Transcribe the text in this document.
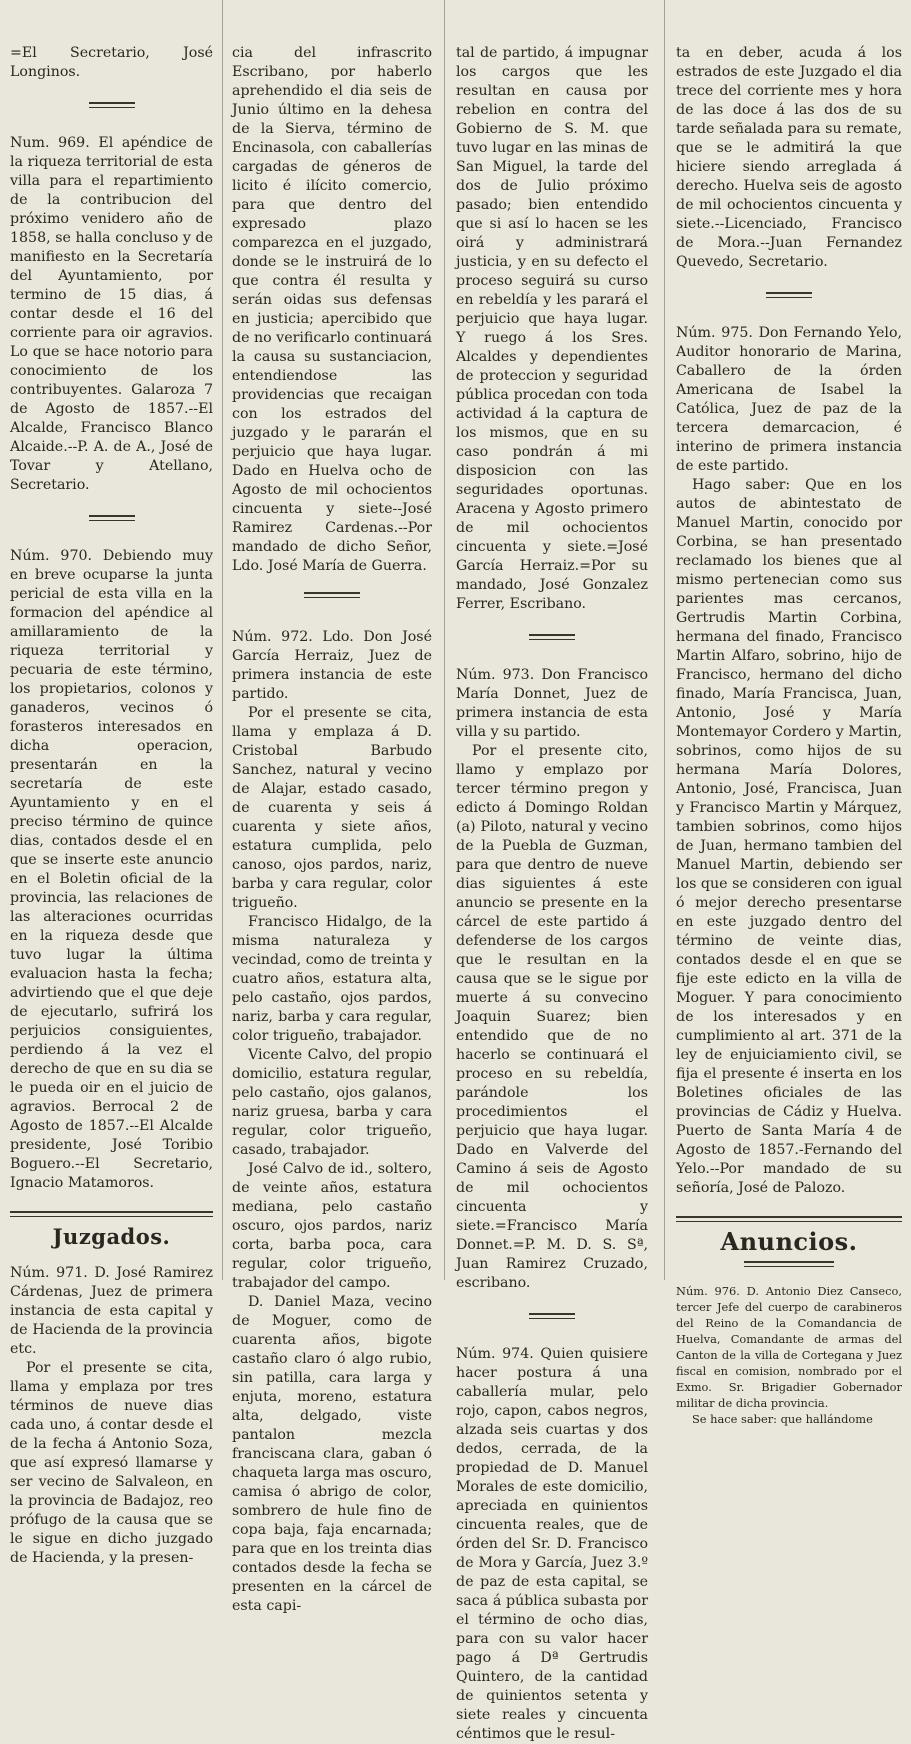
=El Secretario, José Longinos.

Num. 969. El apéndice de la riqueza territorial de esta villa para el repartimiento de la contribucion del próximo venidero año de 1858, se halla concluso y de manifiesto en la Secretaría del Ayuntamiento, por termino de 15 dias, á contar desde el 16 del corriente para oir agravios. Lo que se hace notorio para conocimiento de los contribuyentes. Galaroza 7 de Agosto de 1857.--El Alcalde, Francisco Blanco Alcaide.--P. A. de A., José de Tovar y Atellano, Secretario.

Núm. 970. Debiendo muy en breve ocuparse la junta pericial de esta villa en la formacion del apéndice al amillaramiento de la riqueza territorial y pecuaria de este término, los propietarios, colonos y ganaderos, vecinos ó forasteros interesados en dicha operacion, presentarán en la secretaría de este Ayuntamiento y en el preciso término de quince dias, contados desde el en que se inserte este anuncio en el Boletin oficial de la provincia, las relaciones de las alteraciones ocurridas en la riqueza desde que tuvo lugar la última evaluacion hasta la fecha; advirtiendo que el que deje de ejecutarlo, sufrirá los perjuicios consiguientes, perdiendo á la vez el derecho de que en su dia se le pueda oir en el juicio de agravios. Berrocal 2 de Agosto de 1857.--El Alcalde presidente, José Toribio Boguero.--El Secretario, Ignacio Matamoros.

Juzgados.

Núm. 971. D. José Ramirez Cárdenas, Juez de primera instancia de esta capital y de Hacienda de la provincia etc.

Por el presente se cita, llama y emplaza por tres términos de nueve dias cada uno, á contar desde el de la fecha á Antonio Soza, que así expresó llamarse y ser vecino de Salvaleon, en la provincia de Badajoz, reo prófugo de la causa que se le sigue en dicho juzgado de Hacienda, y la presen-

cia del infrascrito Escribano, por haberlo aprehendido el dia seis de Junio último en la dehesa de la Sierva, término de Encinasola, con caballerías cargadas de géneros de licito é ilícito comercio, para que dentro del expresado plazo comparezca en el juzgado, donde se le instruirá de lo que contra él resulta y serán oidas sus defensas en justicia; apercibido que de no verificarlo continuará la causa su sustanciacion, entendiendose las providencias que recaigan con los estrados del juzgado y le pararán el perjuicio que haya lugar. Dado en Huelva ocho de Agosto de mil ochocientos cincuenta y siete--José Ramirez Cardenas.--Por mandado de dicho Señor, Ldo. José María de Guerra.

Núm. 972. Ldo. Don José García Herraiz, Juez de primera instancia de este partido.

Por el presente se cita, llama y emplaza á D. Cristobal Barbudo Sanchez, natural y vecino de Alajar, estado casado, de cuarenta y seis á cuarenta y siete años, estatura cumplida, pelo canoso, ojos pardos, nariz, barba y cara regular, color trigueño.

Francisco Hidalgo, de la misma naturaleza y vecindad, como de treinta y cuatro años, estatura alta, pelo castaño, ojos pardos, nariz, barba y cara regular, color trigueño, trabajador.

Vicente Calvo, del propio domicilio, estatura regular, pelo castaño, ojos galanos, nariz gruesa, barba y cara regular, color trigueño, casado, trabajador.

José Calvo de id., soltero, de veinte años, estatura mediana, pelo castaño oscuro, ojos pardos, nariz corta, barba poca, cara regular, color trigueño, trabajador del campo.

D. Daniel Maza, vecino de Moguer, como de cuarenta años, bigote castaño claro ó algo rubio, sin patilla, cara larga y enjuta, moreno, estatura alta, delgado, viste pantalon mezcla franciscana clara, gaban ó chaqueta larga mas oscuro, camisa ó abrigo de color, sombrero de hule fino de copa baja, faja encarnada; para que en los treinta dias contados desde la fecha se presenten en la cárcel de esta capi-

tal de partido, á impugnar los cargos que les resultan en causa por rebelion en contra del Gobierno de S. M. que tuvo lugar en las minas de San Miguel, la tarde del dos de Julio próximo pasado; bien entendido que si así lo hacen se les oirá y administrará justicia, y en su defecto el proceso seguirá su curso en rebeldía y les parará el perjuicio que haya lugar. Y ruego á los Sres. Alcaldes y dependientes de proteccion y seguridad pública procedan con toda actividad á la captura de los mismos, que en su caso pondrán á mi disposicion con las seguridades oportunas. Aracena y Agosto primero de mil ochocientos cincuenta y siete.=José García Herraiz.=Por su mandado, José Gonzalez Ferrer, Escribano.

Núm. 973. Don Francisco María Donnet, Juez de primera instancia de esta villa y su partido.

Por el presente cito, llamo y emplazo por tercer término pregon y edicto á Domingo Roldan (a) Piloto, natural y vecino de la Puebla de Guzman, para que dentro de nueve dias siguientes á este anuncio se presente en la cárcel de este partido á defenderse de los cargos que le resultan en la causa que se le sigue por muerte á su convecino Joaquin Suarez; bien entendido que de no hacerlo se continuará el proceso en su rebeldía, parándole los procedimientos el perjuicio que haya lugar. Dado en Valverde del Camino á seis de Agosto de mil ochocientos cincuenta y siete.=Francisco María Donnet.=P. M. D. S. Sª, Juan Ramirez Cruzado, escribano.

Núm. 974. Quien quisiere hacer postura á una caballería mular, pelo rojo, capon, cabos negros, alzada seis cuartas y dos dedos, cerrada, de la propiedad de D. Manuel Morales de este domicilio, apreciada en quinientos cincuenta reales, que de órden del Sr. D. Francisco de Mora y García, Juez 3.º de paz de esta capital, se saca á pública subasta por el término de ocho dias, para con su valor hacer pago á Dª Gertrudis Quintero, de la cantidad de quinientos setenta y siete reales y cincuenta céntimos que le resul-

ta en deber, acuda á los estrados de este Juzgado el dia trece del corriente mes y hora de las doce á las dos de su tarde señalada para su remate, que se le admitirá la que hiciere siendo arreglada á derecho. Huelva seis de agosto de mil ochocientos cincuenta y siete.--Licenciado, Francisco de Mora.--Juan Fernandez Quevedo, Secretario.

Núm. 975. Don Fernando Yelo, Auditor honorario de Marina, Caballero de la órden Americana de Isabel la Católica, Juez de paz de la tercera demarcacion, é interino de primera instancia de este partido.

Hago saber: Que en los autos de abintestato de Manuel Martin, conocido por Corbina, se han presentado reclamado los bienes que al mismo pertenecian como sus parientes mas cercanos, Gertrudis Martin Corbina, hermana del finado, Francisco Martin Alfaro, sobrino, hijo de Francisco, hermano del dicho finado, María Francisca, Juan, Antonio, José y María Montemayor Cordero y Martin, sobrinos, como hijos de su hermana María Dolores, Antonio, José, Francisca, Juan y Francisco Martin y Márquez, tambien sobrinos, como hijos de Juan, hermano tambien del Manuel Martin, debiendo ser los que se consideren con igual ó mejor derecho presentarse en este juzgado dentro del término de veinte dias, contados desde el en que se fije este edicto en la villa de Moguer. Y para conocimiento de los interesados y en cumplimiento al art. 371 de la ley de enjuiciamiento civil, se fija el presente é inserta en los Boletines oficiales de las provincias de Cádiz y Huelva. Puerto de Santa María 4 de Agosto de 1857.-Fernando del Yelo.--Por mandado de su señoría, José de Palozo.

Anuncios.

Núm. 976. D. Antonio Diez Canseco, tercer Jefe del cuerpo de carabineros del Reino de la Comandancia de Huelva, Comandante de armas del Canton de la villa de Cortegana y Juez fiscal en comision, nombrado por el Exmo. Sr. Brigadier Gobernador militar de dicha provincia.

Se hace saber: que hallándome
